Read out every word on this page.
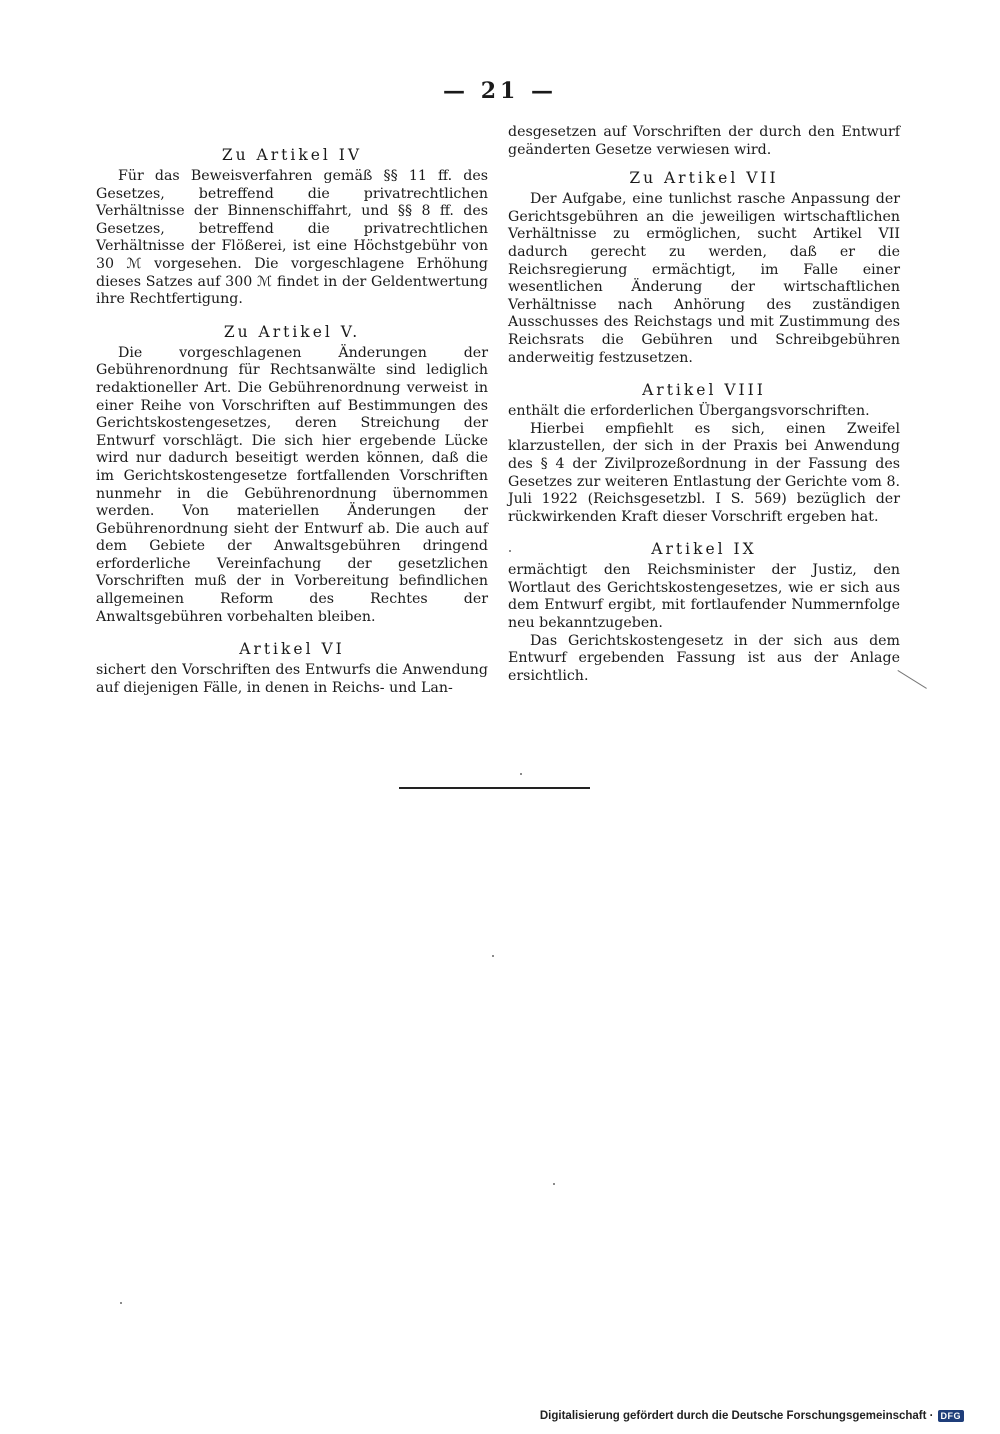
— 21 —
Zu Artikel IV

Für das Beweisverfahren gemäß §§ 11 ff. des Gesetzes, betreffend die privatrechtlichen Verhältnisse der Binnenschiffahrt, und §§ 8 ff. des Gesetzes, betreffend die privatrechtlichen Verhältnisse der Flößerei, ist eine Höchstgebühr von 30 ℳ vorgesehen. Die vorgeschlagene Erhöhung dieses Satzes auf 300 ℳ findet in der Geldentwertung ihre Rechtfertigung.

Zu Artikel V.

Die vorgeschlagenen Änderungen der Gebührenordnung für Rechtsanwälte sind lediglich redaktioneller Art. Die Gebührenordnung verweist in einer Reihe von Vorschriften auf Bestimmungen des Gerichtskostengesetzes, deren Streichung der Entwurf vorschlägt. Die sich hier ergebende Lücke wird nur dadurch beseitigt werden können, daß die im Gerichtskostengesetze fortfallenden Vorschriften nunmehr in die Gebührenordnung übernommen werden. Von materiellen Änderungen der Gebührenordnung sieht der Entwurf ab. Die auch auf dem Gebiete der Anwaltsgebühren dringend erforderliche Vereinfachung der gesetzlichen Vorschriften muß der in Vorbereitung befindlichen allgemeinen Reform des Rechtes der Anwaltsgebühren vorbehalten bleiben.

Artikel VI

sichert den Vorschriften des Entwurfs die Anwendung auf diejenigen Fälle, in denen in Reichs- und Lan-

desgesetzen auf Vorschriften der durch den Entwurf geänderten Gesetze verwiesen wird.

Zu Artikel VII

Der Aufgabe, eine tunlichst rasche Anpassung der Gerichtsgebühren an die jeweiligen wirtschaftlichen Verhältnisse zu ermöglichen, sucht Artikel VII dadurch gerecht zu werden, daß er die Reichsregierung ermächtigt, im Falle einer wesentlichen Änderung der wirtschaftlichen Verhältnisse nach Anhörung des zuständigen Ausschusses des Reichstags und mit Zustimmung des Reichsrats die Gebühren und Schreibgebühren anderweitig festzusetzen.

Artikel VIII

enthält die erforderlichen Übergangsvorschriften.

Hierbei empfiehlt es sich, einen Zweifel klarzustellen, der sich in der Praxis bei Anwendung des § 4 der Zivilprozeßordnung in der Fassung des Gesetzes zur weiteren Entlastung der Gerichte vom 8. Juli 1922 (Reichsgesetzbl. I S. 569) bezüglich der rückwirkenden Kraft dieser Vorschrift ergeben hat.

Artikel IX

ermächtigt den Reichsminister der Justiz, den Wortlaut des Gerichtskostengesetzes, wie er sich aus dem Entwurf ergibt, mit fortlaufender Nummernfolge neu bekanntzugeben.

Das Gerichtskostengesetz in der sich aus dem Entwurf ergebenden Fassung ist aus der Anlage ersichtlich.

Digitalisierung gefördert durch die Deutsche Forschungsgemeinschaft · DFG
